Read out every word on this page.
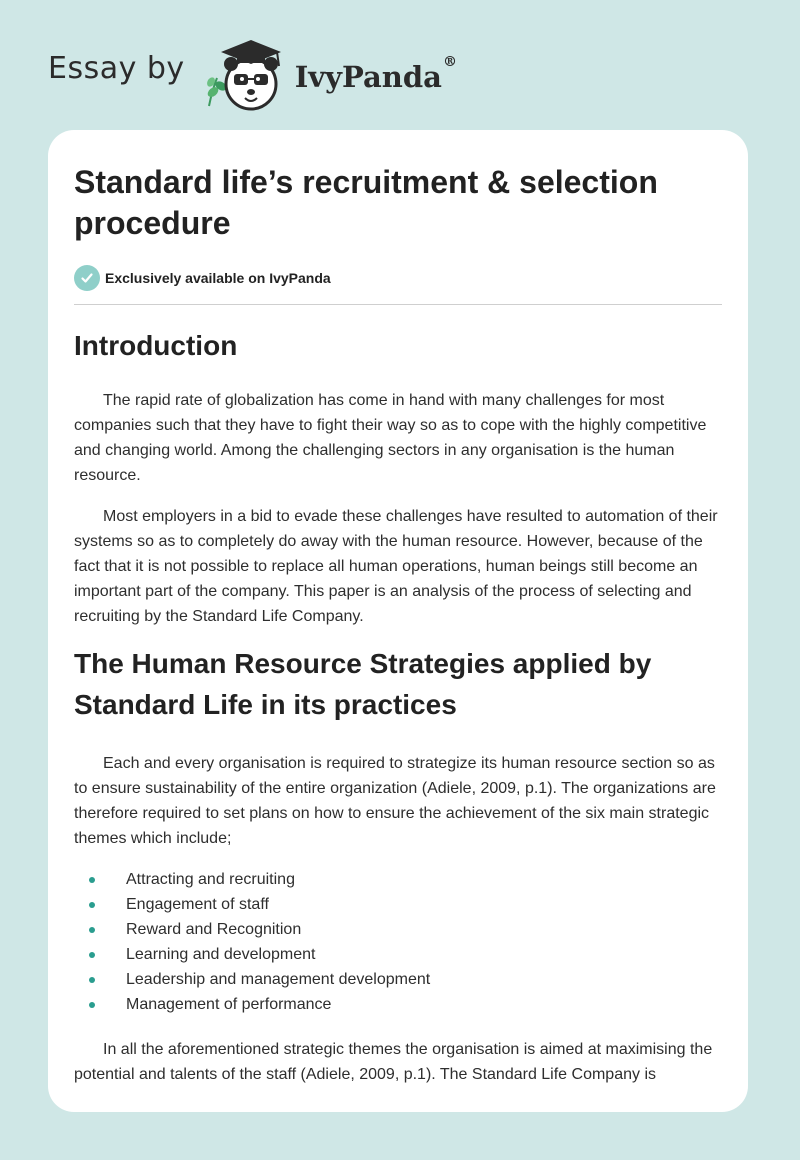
Essay by	IvyPanda®
Standard life’s recruitment & selection procedure
Exclusively available on IvyPanda
Introduction

The rapid rate of globalization has come in hand with many challenges for most companies such that they have to fight their way so as to cope with the highly competitive and changing world. Among the challenging sectors in any organisation is the human resource.

Most employers in a bid to evade these challenges have resulted to automation of their systems so as to completely do away with the human resource. However, because of the fact that it is not possible to replace all human operations, human beings still become an important part of the company. This paper is an analysis of the process of selecting and recruiting by the Standard Life Company.

The Human Resource Strategies applied by Standard Life in its practices

Each and every organisation is required to strategize its human resource section so as to ensure sustainability of the entire organization (Adiele, 2009, p.1). The organizations are therefore required to set plans on how to ensure the achievement of the six main strategic themes which include;

Attracting and recruiting
Engagement of staff
Reward and Recognition
Learning and development
Leadership and management development
Management of performance

In all the aforementioned strategic themes the organisation is aimed at maximising the potential and talents of the staff (Adiele, 2009, p.1). The Standard Life Company is
